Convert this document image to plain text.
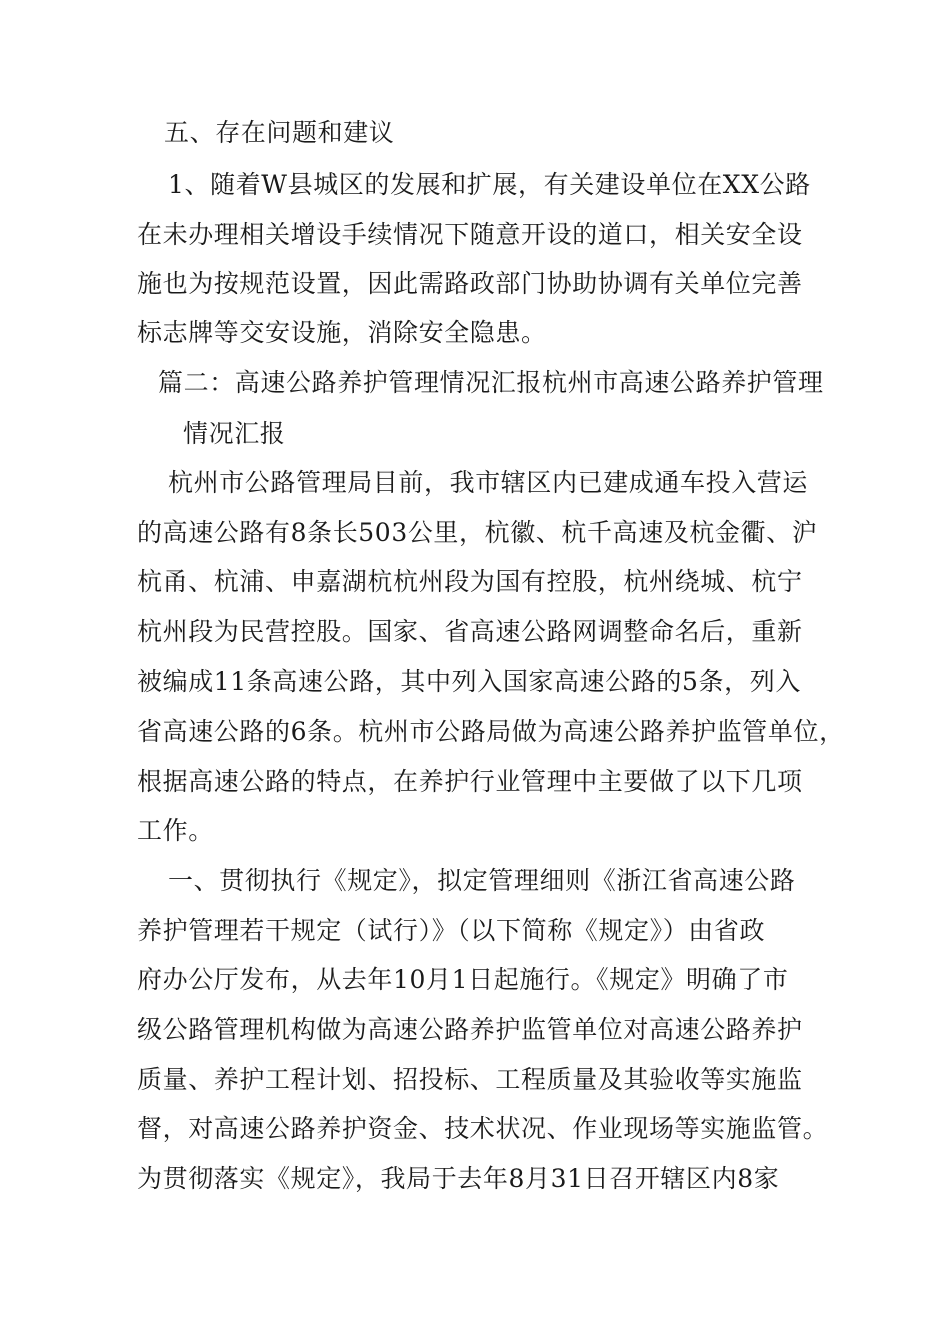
五、存在问题和建议
1、随着W县城区的发展和扩展，有关建设单位在XX公路
在未办理相关增设手续情况下随意开设的道口，相关安全设
施也为按规范设置，因此需路政部门协助协调有关单位完善
标志牌等交安设施，消除安全隐患。
篇二：高速公路养护管理情况汇报杭州市高速公路养护管理
情况汇报
杭州市公路管理局目前，我市辖区内已建成通车投入营运
的高速公路有8条长503公里，杭徽、杭千高速及杭金衢、沪
杭甬、杭浦、申嘉湖杭杭州段为国有控股，杭州绕城、杭宁
杭州段为民营控股。国家、省高速公路网调整命名后，重新
被编成11条高速公路，其中列入国家高速公路的5条，列入
省高速公路的6条。杭州市公路局做为高速公路养护监管单位，
根据高速公路的特点，在养护行业管理中主要做了以下几项
工作。
一、贯彻执行《规定》，拟定管理细则《浙江省高速公路
养护管理若干规定（试行）》（以下简称《规定》）由省政
府办公厅发布，从去年10月1日起施行。《规定》明确了市
级公路管理机构做为高速公路养护监管单位对高速公路养护
质量、养护工程计划、招投标、工程质量及其验收等实施监
督，对高速公路养护资金、技术状况、作业现场等实施监管。
为贯彻落实《规定》，我局于去年8月31日召开辖区内8家
